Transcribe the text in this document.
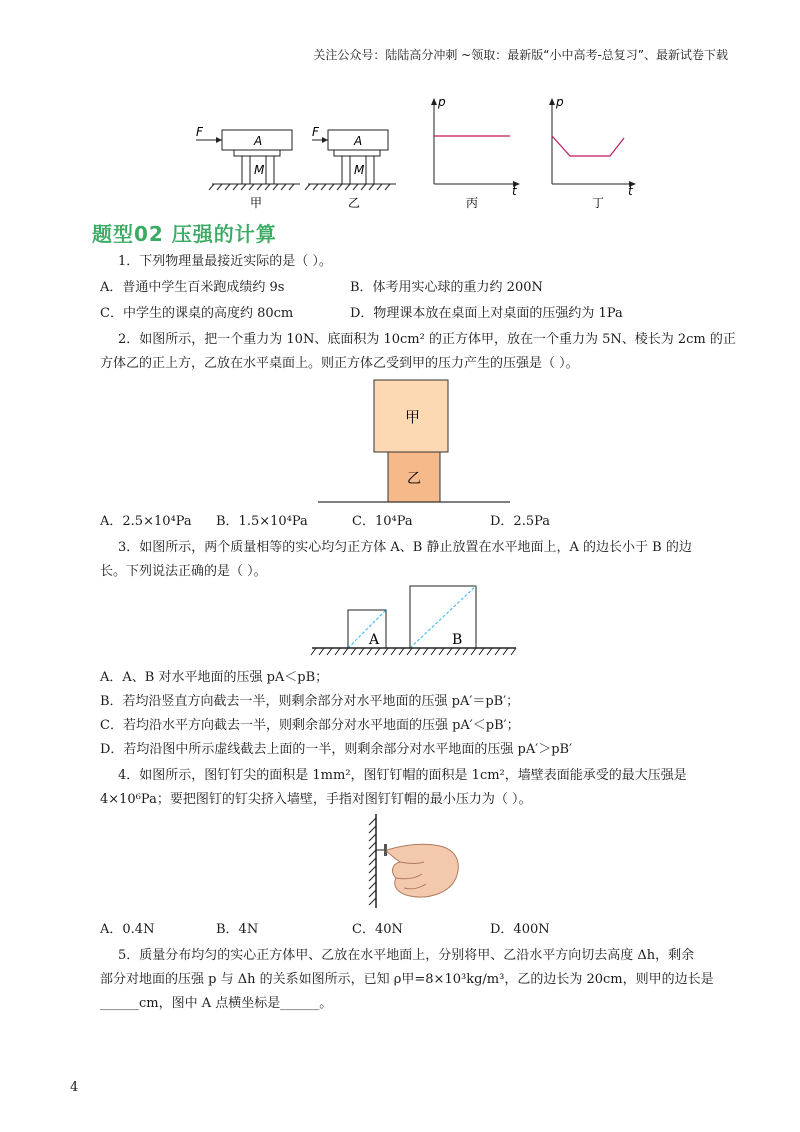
关注公众号：陆陆高分冲刺 ~领取：最新版“小中高考-总复习”、最新试卷下载
F
A
M
甲
F
A
M
乙
p
t
丙
p
t
丁
题型02 压强的计算
1．下列物理量最接近实际的是（ ）。
A．普通中学生百米跑成绩约 9s	B．体考用实心球的重力约 200N
C．中学生的课桌的高度约 80cm	D．物理课本放在桌面上对桌面的压强约为 1Pa
2．如图所示，把一个重力为 10N、底面积为 10cm² 的正方体甲，放在一个重力为 5N、棱长为 2cm 的正
方体乙的正上方，乙放在水平桌面上。则正方体乙受到甲的压力产生的压强是（ ）。
甲
乙
A．2.5×10⁴Pa B．1.5×10⁴Pa	C．10⁴Pa	D．2.5Pa
3．如图所示，两个质量相等的实心均匀正方体 A、B 静止放置在水平地面上，A 的边长小于 B 的边
长。下列说法正确的是（ ）。
A	B
A．A、B 对水平地面的压强 pA＜pB；
B．若均沿竖直方向截去一半，则剩余部分对水平地面的压强 pA′＝pB′；
C．若均沿水平方向截去一半，则剩余部分对水平地面的压强 pA′＜pB′；
D．若均沿图中所示虚线截去上面的一半，则剩余部分对水平地面的压强 pA′＞pB′
4．如图所示，图钉钉尖的面积是 1mm²，图钉钉帽的面积是 1cm²，墙壁表面能承受的最大压强是
4×10⁶Pa；要把图钉的钉尖挤入墙壁，手指对图钉钉帽的最小压力为（ ）。
A．0.4N	B．4N	C．40N	D．400N
5．质量分布均匀的实心正方体甲、乙放在水平地面上，分别将甲、乙沿水平方向切去高度 Δh，剩余
部分对地面的压强 p 与 Δh 的关系如图所示，已知 ρ甲=8×10³kg/m³，乙的边长为 20cm，则甲的边长是
______cm，图中 A 点横坐标是______。
4
